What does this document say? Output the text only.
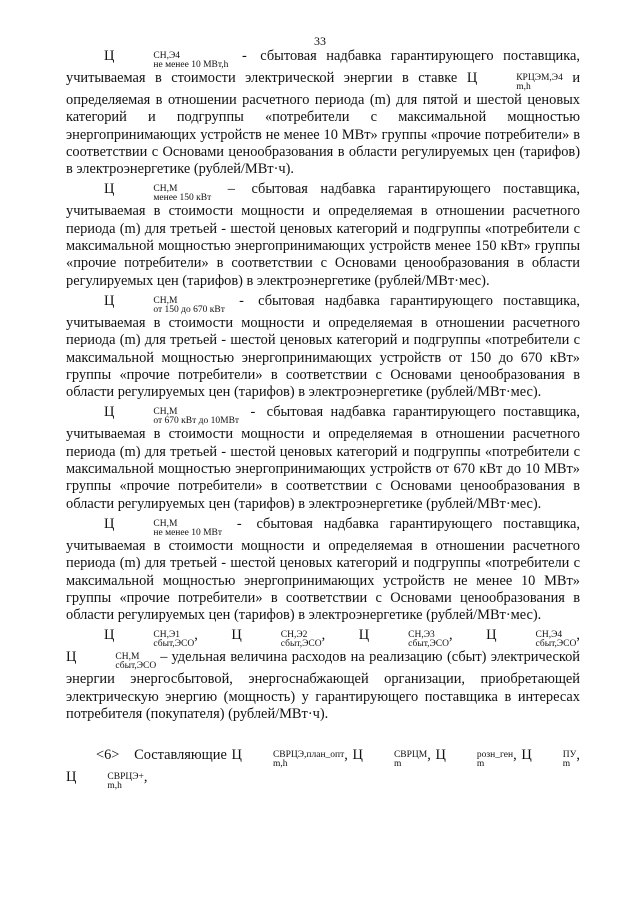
33

Ц	СН,Э4
не менее 10 МВт,h
- сбытовая надбавка гарантирующего поставщика, учитываемая в стоимости электрической энергии в ставке Ц	КРЦЭМ,Э4
m,h
и определяемая в отношении расчетного периода (m) для пятой и шестой ценовых категорий и подгруппы «потребители с максимальной мощностью энергопринимающих устройств не менее 10 МВт» группы «прочие потребители» в соответствии с Основами ценообразования в области регулируемых цен (тарифов) в электроэнергетике (рублей/МВт·ч).

Ц	СН,М
менее 150 кВт
– сбытовая надбавка гарантирующего поставщика, учитываемая в стоимости мощности и определяемая в отношении расчетного периода (m) для третьей - шестой ценовых категорий и подгруппы «потребители с максимальной мощностью энергопринимающих устройств менее 150 кВт» группы «прочие потребители» в соответствии с Основами ценообразования в области регулируемых цен (тарифов) в электроэнергетике (рублей/МВт·мес).

Ц	СН,М
от 150 до 670 кВт
- сбытовая надбавка гарантирующего поставщика, учитываемая в стоимости мощности и определяемая в отношении расчетного периода (m) для третьей - шестой ценовых категорий и подгруппы «потребители с максимальной мощностью энергопринимающих устройств от 150 до 670 кВт» группы «прочие потребители» в соответствии с Основами ценообразования в области регулируемых цен (тарифов) в электроэнергетике (рублей/МВт·мес).

Ц	СН,М
от 670 кВт до 10МВт
- сбытовая надбавка гарантирующего поставщика, учитываемая в стоимости мощности и определяемая в отношении расчетного периода (m) для третьей - шестой ценовых категорий и подгруппы «потребители с максимальной мощностью энергопринимающих устройств от 670 кВт до 10 МВт» группы «прочие потребители» в соответствии с Основами ценообразования в области регулируемых цен (тарифов) в электроэнергетике (рублей/МВт·мес).

Ц	СН,М
не менее 10 МВт
- сбытовая надбавка гарантирующего поставщика, учитываемая в стоимости мощности и определяемая в отношении расчетного периода (m) для третьей - шестой ценовых категорий и подгруппы «потребители с максимальной мощностью энергопринимающих устройств не менее 10 МВт» группы «прочие потребители» в соответствии с Основами ценообразования в области регулируемых цен (тарифов) в электроэнергетике (рублей/МВт·мес).

Ц	СН,Э1
сбыт,ЭСО
, Ц	СН,Э2
сбыт,ЭСО
, Ц	СН,Э3
сбыт,ЭСО
, Ц	СН,Э4
сбыт,ЭСО
, Ц	СН,М
сбыт,ЭСО
– удельная величина расходов на реализацию (сбыт) электрической энергии энергосбытовой, энергоснабжающей организации, приобретающей электрическую энергию (мощность) у гарантирующего поставщика в интересах потребителя (покупателя) (рублей/МВт·ч).

<6> Составляющие Ц	СВРЦЭ,план_опт
m,h
, Ц	СВРЦМ
m
, Ц	розн_ген
m
, Ц	ПУ
m
, Ц	СВРЦЭ+
m,h
,
